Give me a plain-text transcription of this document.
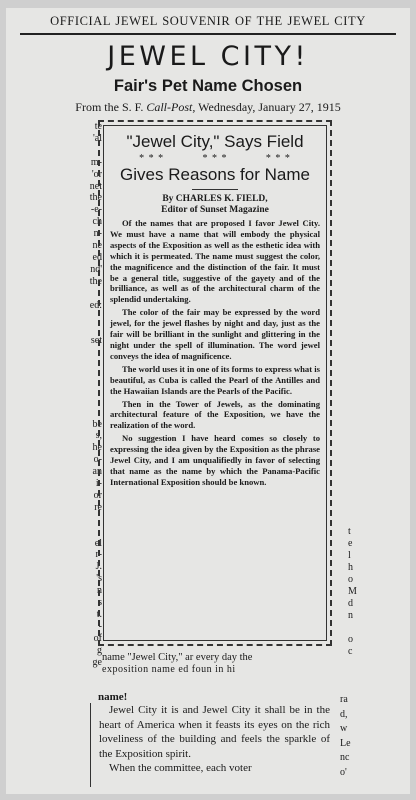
OFFICIAL JEWEL SOUVENIR OF THE JEWEL CITY
JEWEL CITY!
Fair's Pet Name Chosen
From the S. F. Call-Post, Wednesday, January 27, 1915
te
'al
m-
'or
net
the
-e-
ch
n-
ne
ed
nd'
the
ed:
set
be
s,
he
o-
an
i-
or
re
el
r-
J.
's
n
s
t.
-
of
g
ge
t
e
l
h
o
M
d
n
o
c
ra
d,
w
Le
nc
o'
"Jewel City," Says Field
* * *	* * *	* * *
Gives Reasons for Name
By CHARLES K. FIELD,
Editor of Sunset Magazine

Of the names that are proposed I favor Jewel City. We must have a name that will embody the physical aspects of the Exposition as well as the esthetic idea with which it is permeated. The name must suggest the color, the magnificence and the distinction of the fair. It must be a general title, suggestive of the gayety and of the brilliance, as well as of the architectural charm of the splendid undertaking.

The color of the fair may be expressed by the word jewel, for the jewel flashes by night and day, just as the fair will be brilliant in the sunlight and glittering in the night under the spell of illumination. The word jewel conveys the idea of magnificence.

The world uses it in one of its forms to express what is beautiful, as Cuba is called the Pearl of the Antilles and the Hawaiian Islands are the Pearls of the Pacific.

Then in the Tower of Jewels, as the dominating architectural feature of the Exposition, we have the realization of the word.

No suggestion I have heard comes so closely to expressing the idea given by the Exposition as the phrase Jewel City, and I am unqualifiedly in favor of selecting that name as the name by which the Panama-Pacific International Exposition should be known.

name "Jewel City," ar every day the
exposition name ed foun in hi
name!

Jewel City it is and Jewel City it shall be in the heart of America when it feasts its eyes on the rich loveliness of the building and feels the sparkle of the Exposition spirit.

When the committee, each voter
